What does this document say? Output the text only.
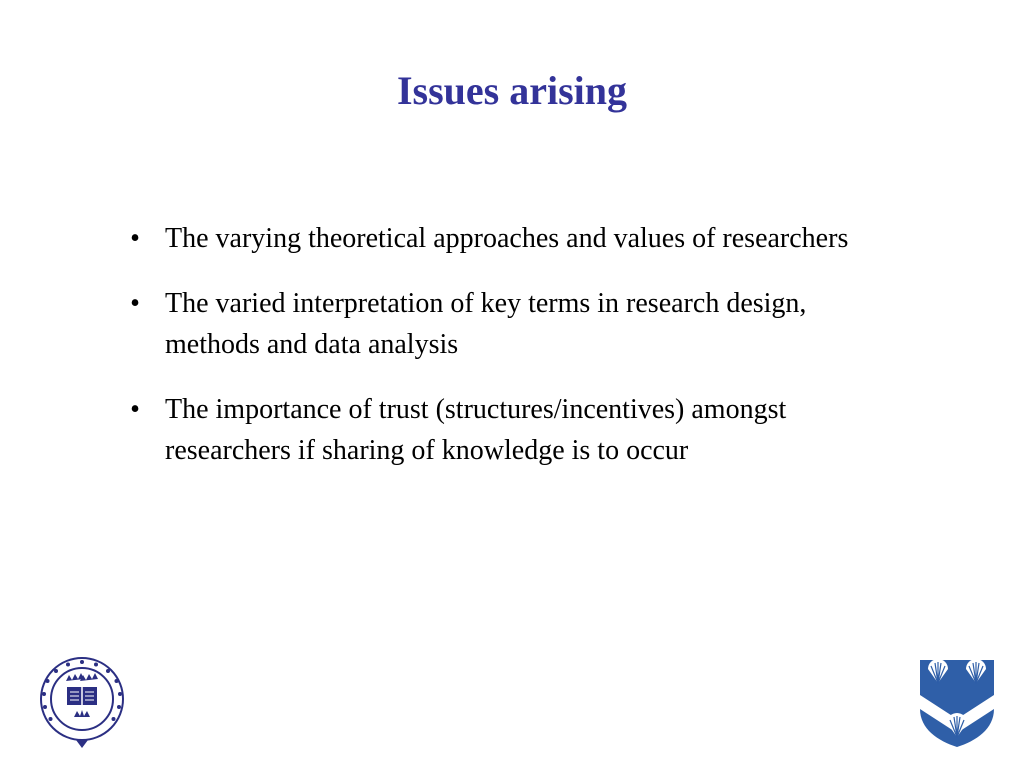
Issues arising
• The varying theoretical approaches and values of researchers
• The varied interpretation of key terms in research design, methods and data analysis
• The importance of trust (structures/incentives) amongst researchers if sharing of knowledge is to occur
